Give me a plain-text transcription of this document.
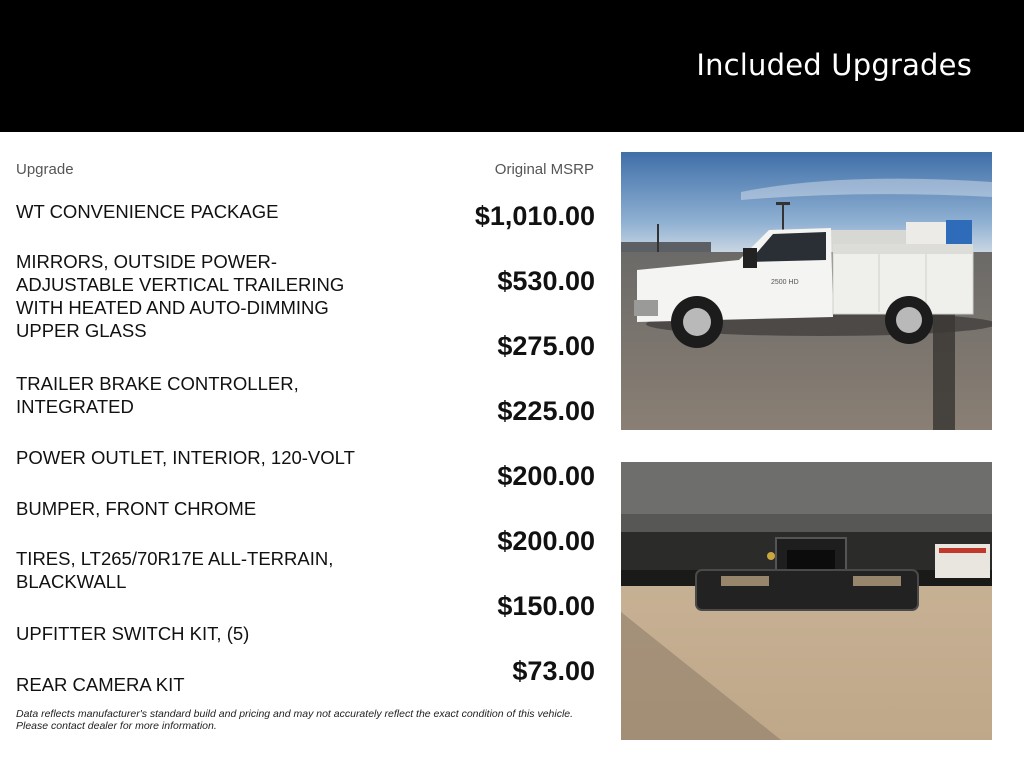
Included Upgrades
Upgrade	Original MSRP
WT CONVENIENCE PACKAGE
MIRRORS, OUTSIDE POWER-ADJUSTABLE VERTICAL TRAILERING WITH HEATED AND AUTO-DIMMING UPPER GLASS
TRAILER BRAKE CONTROLLER, INTEGRATED
POWER OUTLET, INTERIOR, 120-VOLT
BUMPER, FRONT CHROME
TIRES, LT265/70R17E ALL-TERRAIN, BLACKWALL
UPFITTER SWITCH KIT, (5)
REAR CAMERA KIT
$1,010.00
$530.00
$275.00
$225.00
$200.00
$200.00
$150.00
$73.00
Data reflects manufacturer's standard build and pricing and may not accurately reflect the exact condition of this vehicle. Please contact dealer for more information.
2500 HD
